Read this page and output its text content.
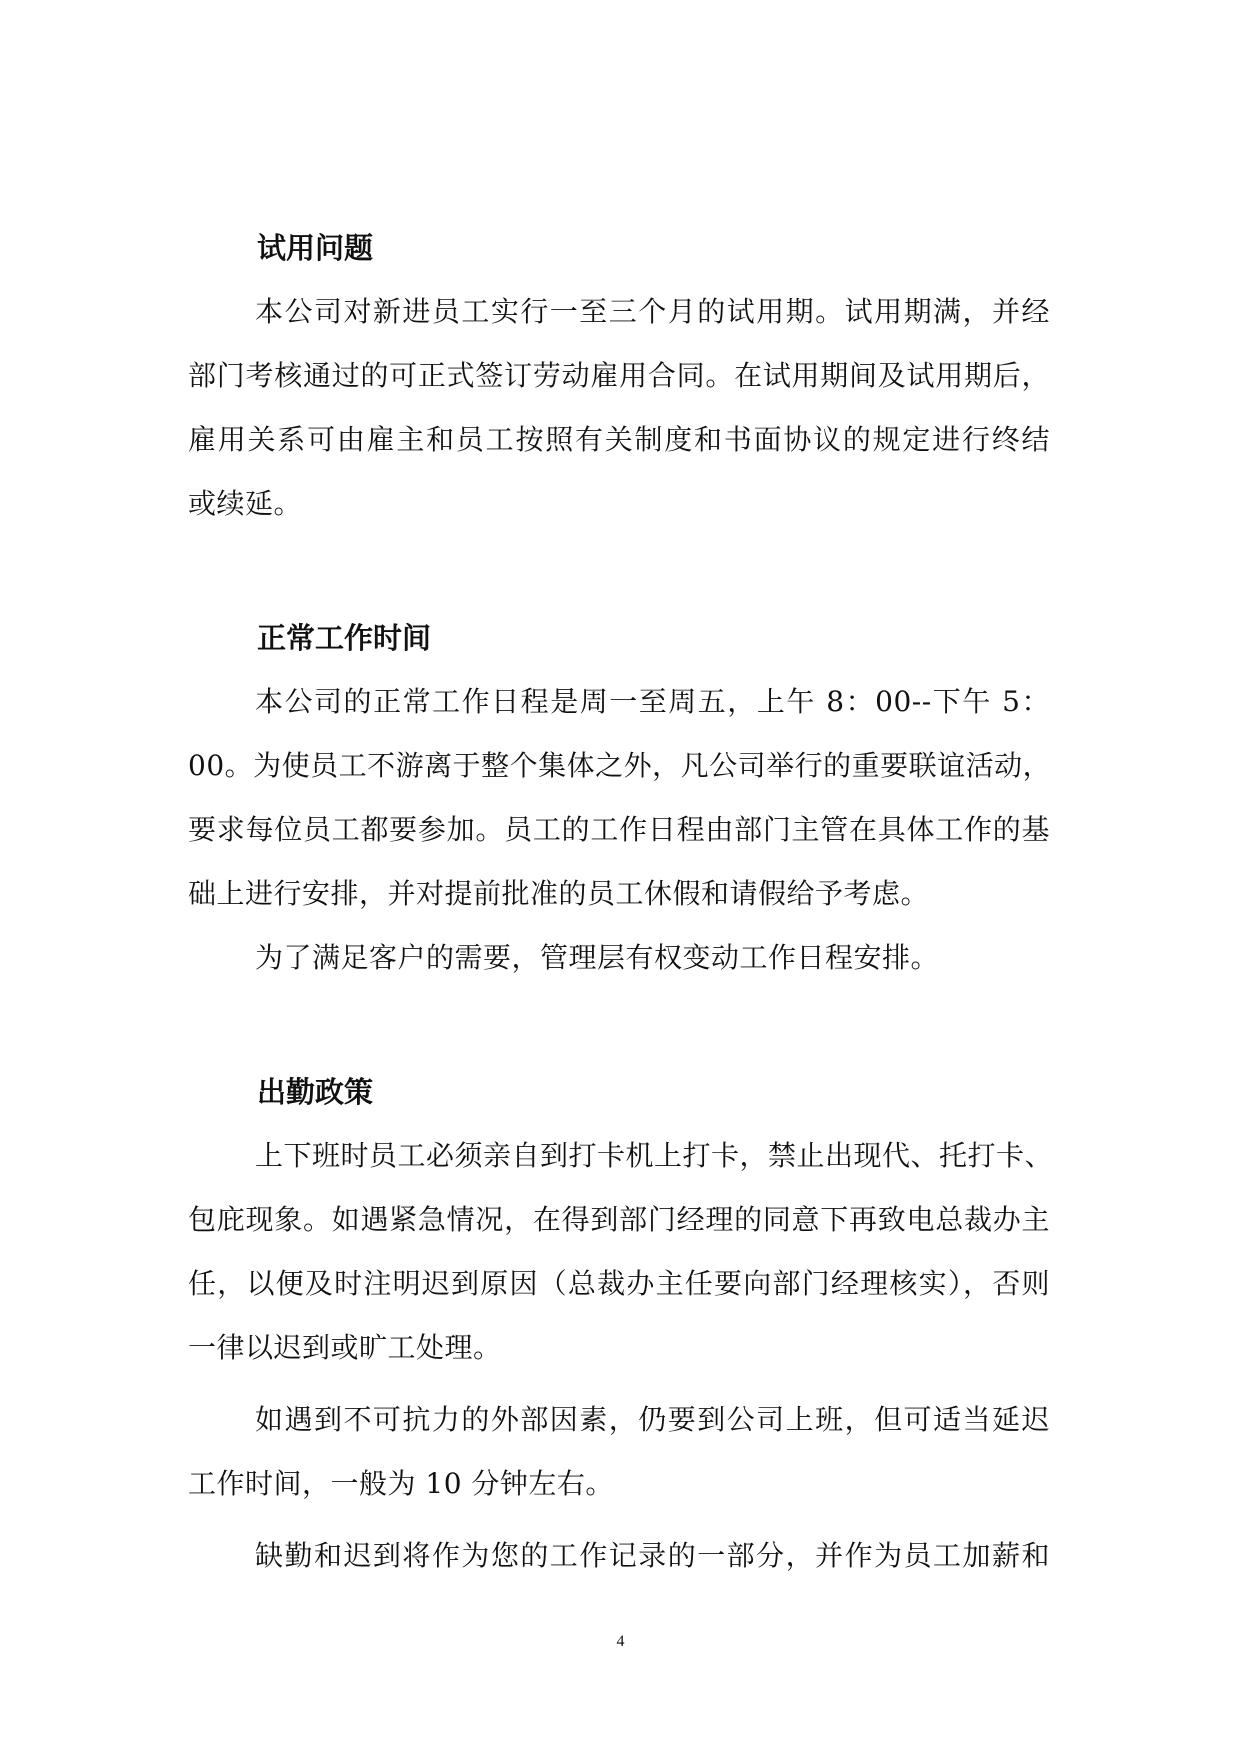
试用问题
本公司对新进员工实行一至三个月的试用期。试用期满，并经
部门考核通过的可正式签订劳动雇用合同。在试用期间及试用期后，
雇用关系可由雇主和员工按照有关制度和书面协议的规定进行终结
或续延。
正常工作时间
本公司的正常工作日程是周一至周五，上午 8：00--下午 5：
00。为使员工不游离于整个集体之外，凡公司举行的重要联谊活动，
要求每位员工都要参加。员工的工作日程由部门主管在具体工作的基
础上进行安排，并对提前批准的员工休假和请假给予考虑。
为了满足客户的需要，管理层有权变动工作日程安排。
出勤政策
上下班时员工必须亲自到打卡机上打卡，禁止出现代、托打卡、
包庇现象。如遇紧急情况，在得到部门经理的同意下再致电总裁办主
任，以便及时注明迟到原因（总裁办主任要向部门经理核实），否则
一律以迟到或旷工处理。
如遇到不可抗力的外部因素，仍要到公司上班，但可适当延迟
工作时间，一般为 10 分钟左右。
缺勤和迟到将作为您的工作记录的一部分，并作为员工加薪和
4
